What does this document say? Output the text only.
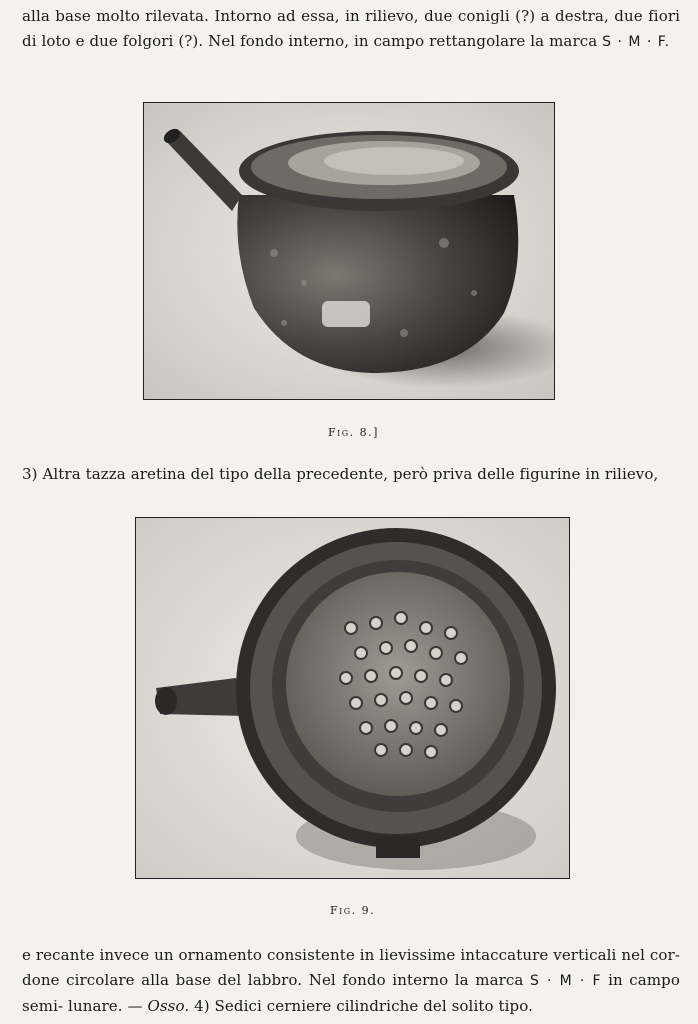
alla base molto rilevata. Intorno ad essa, in rilievo, due conigli (?) a destra, due fiori di loto e due folgori (?). Nel fondo interno, in campo rettangolare la marca S · M · F.

Fig. 8.]

3) Altra tazza aretina del tipo della precedente, però priva delle figurine in rilievo,

Fig. 9.

e recante invece un ornamento consistente in lievissime intaccature verticali nel cor- done circolare alla base del labbro. Nel fondo interno la marca S · M · F in campo semi- lunare. — Osso. 4) Sedici cerniere cilindriche del solito tipo.
